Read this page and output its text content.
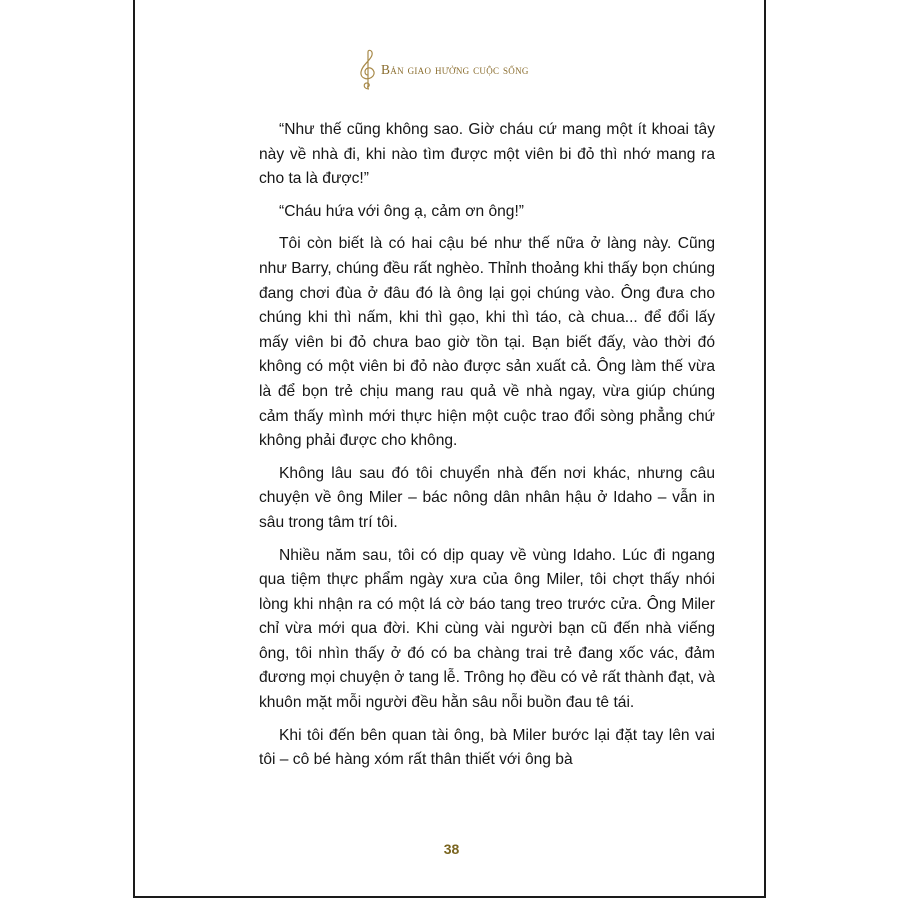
Bản giao hưởng cuộc sống

“Như thế cũng không sao. Giờ cháu cứ mang một ít khoai tây này về nhà đi, khi nào tìm được một viên bi đỏ thì nhớ mang ra cho ta là được!”

“Cháu hứa với ông ạ, cảm ơn ông!”

Tôi còn biết là có hai cậu bé như thế nữa ở làng này. Cũng như Barry, chúng đều rất nghèo. Thỉnh thoảng khi thấy bọn chúng đang chơi đùa ở đâu đó là ông lại gọi chúng vào. Ông đưa cho chúng khi thì nấm, khi thì gạo, khi thì táo, cà chua... để đổi lấy mấy viên bi đỏ chưa bao giờ tồn tại. Bạn biết đấy, vào thời đó không có một viên bi đỏ nào được sản xuất cả. Ông làm thế vừa là để bọn trẻ chịu mang rau quả về nhà ngay, vừa giúp chúng cảm thấy mình mới thực hiện một cuộc trao đổi sòng phẳng chứ không phải được cho không.

Không lâu sau đó tôi chuyển nhà đến nơi khác, nhưng câu chuyện về ông Miler – bác nông dân nhân hậu ở Idaho – vẫn in sâu trong tâm trí tôi.

Nhiều năm sau, tôi có dịp quay về vùng Idaho. Lúc đi ngang qua tiệm thực phẩm ngày xưa của ông Miler, tôi chợt thấy nhói lòng khi nhận ra có một lá cờ báo tang treo trước cửa. Ông Miler chỉ vừa mới qua đời. Khi cùng vài người bạn cũ đến nhà viếng ông, tôi nhìn thấy ở đó có ba chàng trai trẻ đang xốc vác, đảm đương mọi chuyện ở tang lễ. Trông họ đều có vẻ rất thành đạt, và khuôn mặt mỗi người đều hằn sâu nỗi buồn đau tê tái.

Khi tôi đến bên quan tài ông, bà Miler bước lại đặt tay lên vai tôi – cô bé hàng xóm rất thân thiết với ông bà

38
